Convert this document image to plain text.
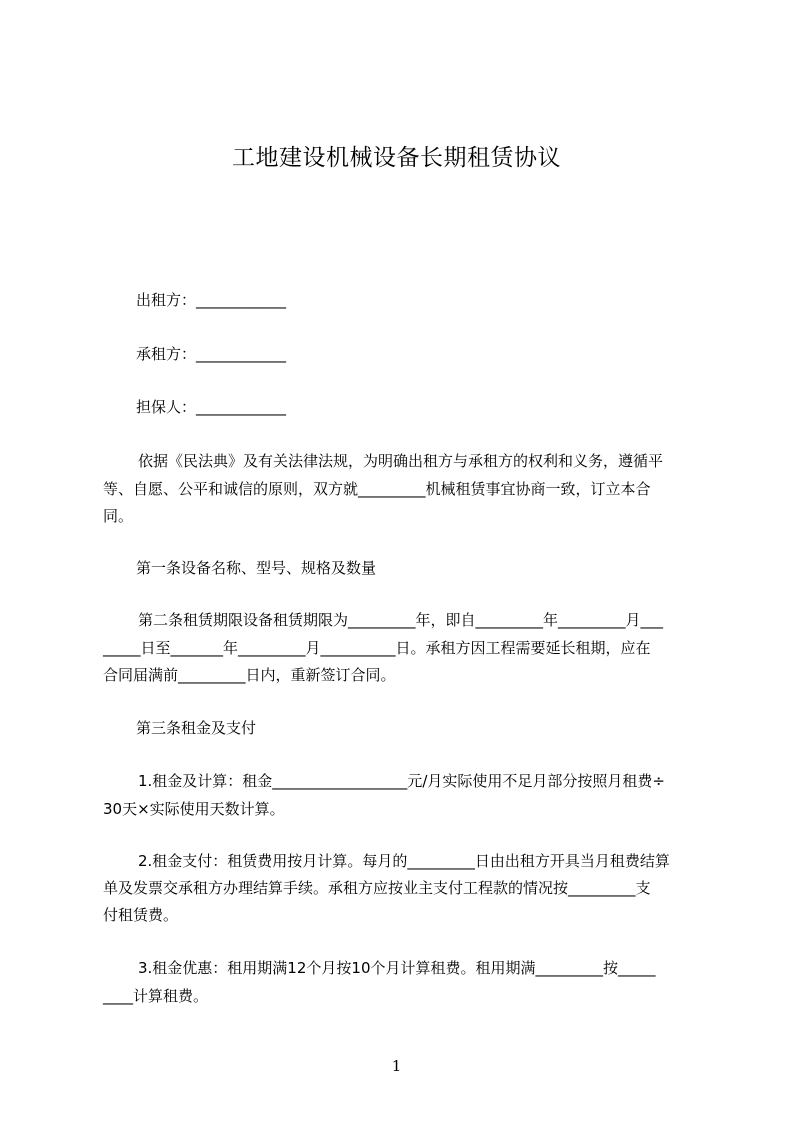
工地建设机械设备长期租赁协议
出租方：____________
承租方：____________
担保人：____________
依据《民法典》及有关法律法规，为明确出租方与承租方的权利和义务，遵循平
等、自愿、公平和诚信的原则，双方就_________机械租赁事宜协商一致，订立本合
同。
第一条设备名称、型号、规格及数量
第二条租赁期限设备租赁期限为_________年，即自_________年_________月___
_____日至_______年_________月__________日。承租方因工程需要延长租期，应在
合同届满前_________日内，重新签订合同。
第三条租金及支付
1.租金及计算：租金__________________元/月实际使用不足月部分按照月租费÷
30天×实际使用天数计算。
2.租金支付：租赁费用按月计算。每月的_________日由出租方开具当月租费结算
单及发票交承租方办理结算手续。承租方应按业主支付工程款的情况按_________支
付租赁费。
3.租金优惠：租用期满12个月按10个月计算租费。租用期满_________按_____
____计算租费。
1
